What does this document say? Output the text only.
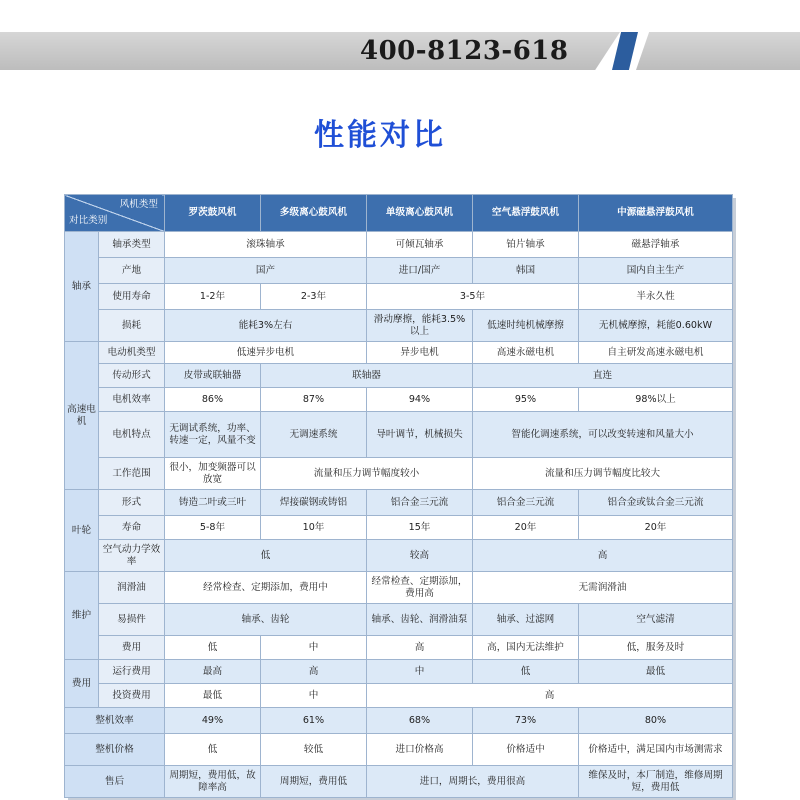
400-8123-618
性能对比
风机类型
对比类别		罗茨鼓风机	多级离心鼓风机	单级离心鼓风机	空气悬浮鼓风机	中源磁悬浮鼓风机
轴承	轴承类型	滚珠轴承		可倾瓦轴承	铂片轴承	磁悬浮轴承
	产地	国产		进口/国产	韩国	国内自主生产
	使用寿命	1-2年	2-3年	3-5年		半永久性
	损耗	能耗3%左右		滑动摩擦，能耗3.5%以上	低速时纯机械摩擦	无机械摩擦，耗能0.60kW
高速电机	电动机类型	低速异步电机		异步电机	高速永磁电机	自主研发高速永磁电机
	传动形式	皮带或联轴器	联轴器		直连	
	电机效率	86%	87%	94%	95%	98%以上
	电机特点	无调试系统，功率、转速一定，风量不变	无调速系统	导叶调节，机械损失	智能化调速系统，可以改变转速和风量大小	
	工作范围	很小，加变频器可以放宽	流量和压力调节幅度较小		流量和压力调节幅度比较大	
叶轮	形式	铸造二叶或三叶	焊接碳钢或铸铝	铝合金三元流	铝合金三元流	铝合金或钛合金三元流
	寿命	5-8年	10年	15年	20年	20年
	空气动力学效率	低		较高	高	
维护	润滑油	经常检查、定期添加，费用中		经常检查、定期添加，费用高	无需润滑油	
	易损件	轴承、齿轮		轴承、齿轮、润滑油泵	轴承、过滤网	空气滤清
	费用	低	中	高	高，国内无法维护	低，服务及时
费用	运行费用	最高	高	中	低	最低
	投资费用	最低	中	高		
整机效率		49%	61%	68%	73%	80%
整机价格		低	较低	进口价格高	价格适中	价格适中，满足国内市场测需求
售后		周期短，费用低，故障率高	周期短，费用低	进口，周期长，费用很高		维保及时，本厂制造，维修周期短，费用低
